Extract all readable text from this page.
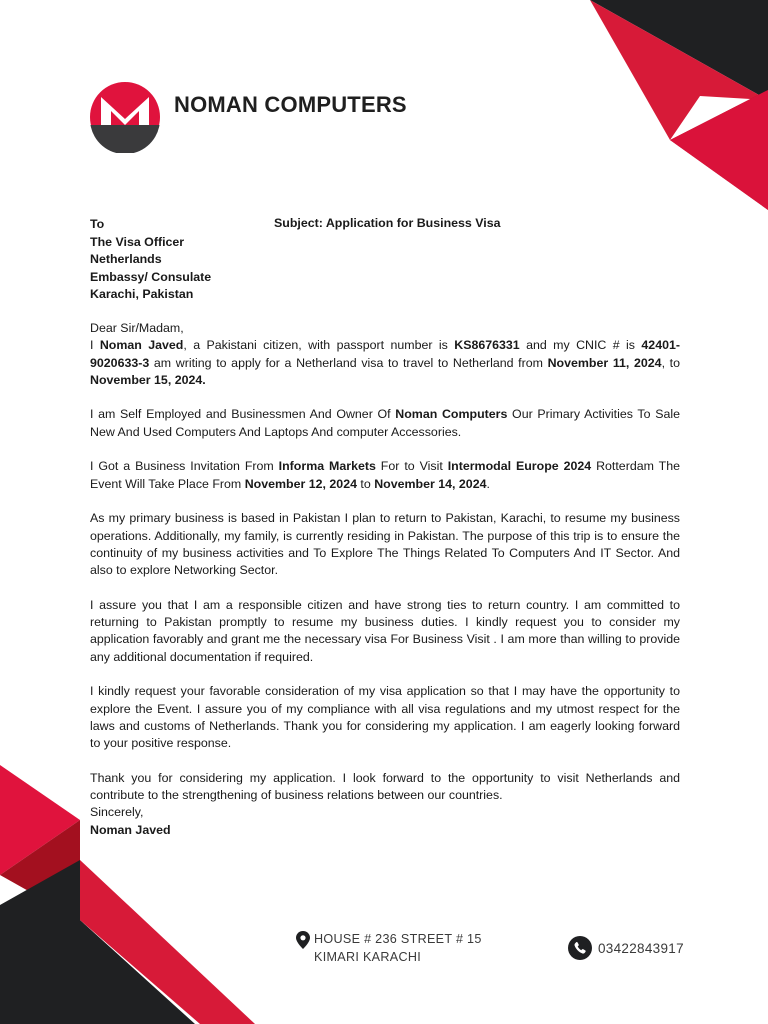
NOMAN COMPUTERS
To
The Visa Officer
Netherlands
Embassy/ Consulate
Karachi, Pakistan
Subject: Application for Business Visa

Dear Sir/Madam,

I Noman Javed, a Pakistani citizen, with passport number is KS8676331 and my CNIC # is 42401-9020633-3 am writing to apply for a Netherland visa to travel to Netherland from November 11, 2024, to November 15, 2024.

I am Self Employed and Businessmen And Owner Of Noman Computers Our Primary Activities To Sale New And Used Computers And Laptops And computer Accessories.

I Got a Business Invitation From Informa Markets For to Visit Intermodal Europe 2024 Rotterdam The Event Will Take Place From November 12, 2024 to November 14, 2024.

As my primary business is based in Pakistan I plan to return to Pakistan, Karachi, to resume my business operations. Additionally, my family, is currently residing in Pakistan. The purpose of this trip is to ensure the continuity of my business activities and To Explore The Things Related To Computers And IT Sector. And also to explore Networking Sector.

I assure you that I am a responsible citizen and have strong ties to return country. I am committed to returning to Pakistan promptly to resume my business duties. I kindly request you to consider my application favorably and grant me the necessary visa For Business Visit . I am more than willing to provide any additional documentation if required.

I kindly request your favorable consideration of my visa application so that I may have the opportunity to explore the Event. I assure you of my compliance with all visa regulations and my utmost respect for the laws and customs of Netherlands. Thank you for considering my application. I am eagerly looking forward to your positive response.

Thank you for considering my application. I look forward to the opportunity to visit Netherlands and contribute to the strengthening of business relations between our countries.

Sincerely,

Noman Javed

HOUSE # 236 STREET # 15
KIMARI KARACHI
03422843917
